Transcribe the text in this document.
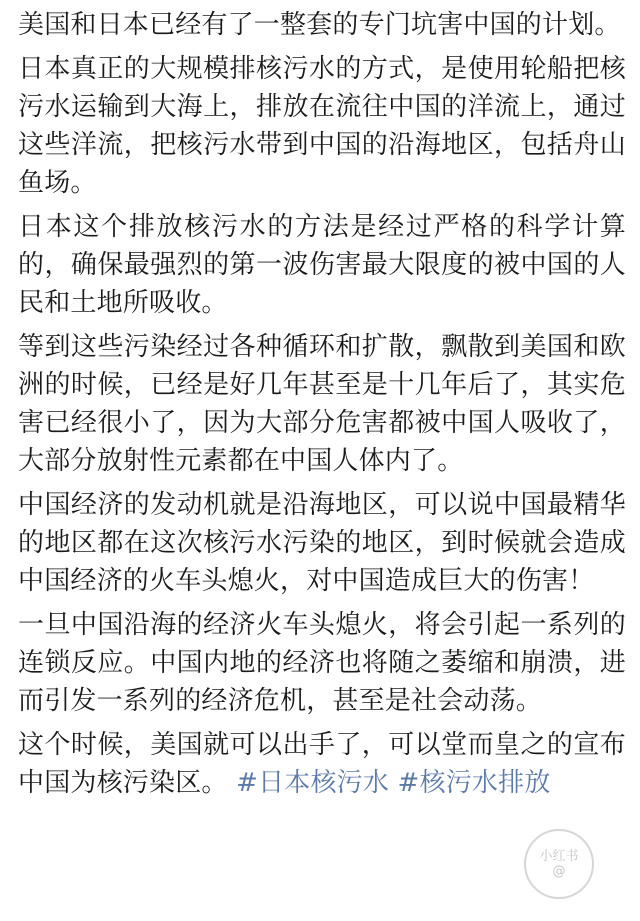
美国和日本已经有了一整套的专门坑害中国的计划。

日本真正的大规模排核污水的方式，是使用轮船把核污水运输到大海上，排放在流往中国的洋流上，通过这些洋流，把核污水带到中国的沿海地区，包括舟山鱼场。

日本这个排放核污水的方法是经过严格的科学计算的，确保最强烈的第一波伤害最大限度的被中国的人民和土地所吸收。

等到这些污染经过各种循环和扩散，飘散到美国和欧洲的时候，已经是好几年甚至是十几年后了，其实危害已经很小了，因为大部分危害都被中国人吸收了，大部分放射性元素都在中国人体内了。

中国经济的发动机就是沿海地区，可以说中国最精华的地区都在这次核污水污染的地区，到时候就会造成中国经济的火车头熄火，对中国造成巨大的伤害！

一旦中国沿海的经济火车头熄火，将会引起一系列的连锁反应。中国内地的经济也将随之萎缩和崩溃，进而引发一系列的经济危机，甚至是社会动荡。

这个时候，美国就可以出手了，可以堂而皇之的宣布中国为核污染区。 #日本核污水 #核污水排放

小红书
@
